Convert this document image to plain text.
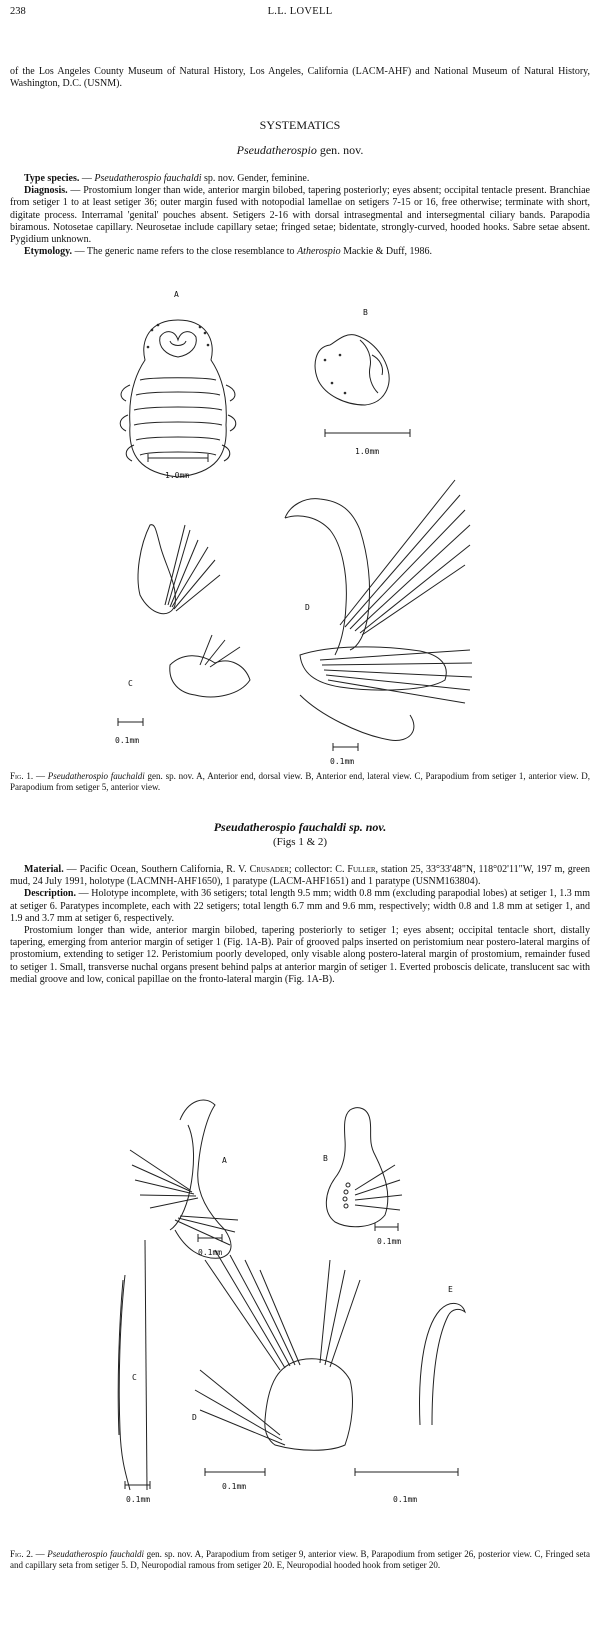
238	L.L. LOVELL
of the Los Angeles County Museum of Natural History, Los Angeles, California (LACM-AHF) and National Museum of Natural History, Washington, D.C. (USNM).
SYSTEMATICS
Pseudatherospio gen. nov.
Type species. — Pseudatherospio fauchaldi sp. nov. Gender, feminine.
Diagnosis. — Prostomium longer than wide, anterior margin bilobed, tapering posteriorly; eyes absent; occipital tentacle present. Branchiae from setiger 1 to at least setiger 36; outer margin fused with notopodial lamellae on setigers 7-15 or 16, free otherwise; terminate with short, digitate process. Interramal 'genital' pouches absent. Setigers 2-16 with dorsal intrasegmental and intersegmental ciliary bands. Parapodia biramous. Notosetae capillary. Neurosetae include capillary setae; fringed setae; bidentate, strongly-curved, hooded hooks. Sabre setae absent. Pygidium unknown.
Etymology. — The generic name refers to the close resemblance to Atherospio Mackie & Duff, 1986.
A
1.0mm
B
1.0mm
C
0.1mm
D
0.1mm
Fig. 1. — Pseudatherospio fauchaldi gen. sp. nov. A, Anterior end, dorsal view. B, Anterior end, lateral view. C, Parapodium from setiger 1, anterior view. D, Parapodium from setiger 5, anterior view.
Pseudatherospio fauchaldi sp. nov.
(Figs 1 & 2)
Material. — Pacific Ocean, Southern California, R. V. Crusader; collector: C. Fuller, station 25, 33°33'48"N, 118°02'11"W, 197 m, green mud, 24 July 1991, holotype (LACMNH-AHF1650), 1 paratype (LACM-AHF1651) and 1 paratype (USNM163804).
Description. — Holotype incomplete, with 36 setigers; total length 9.5 mm; width 0.8 mm (excluding parapodial lobes) at setiger 1, 1.3 mm at setiger 6. Paratypes incomplete, each with 22 setigers; total length 6.7 mm and 9.6 mm, respectively; width 0.8 and 1.8 mm at setiger 1, and 1.9 and 3.7 mm at setiger 6, respectively.
Prostomium longer than wide, anterior margin bilobed, tapering posteriorly to setiger 1; eyes absent; occipital tentacle short, distally tapering, emerging from anterior margin of setiger 1 (Fig. 1A-B). Pair of grooved palps inserted on peristomium near postero-lateral margins of prostomium, extending to setiger 12. Peristomium poorly developed, only visable along postero-lateral margin of prostomium, remainder fused to setiger 1. Small, transverse nuchal organs present behind palps at anterior margin of setiger 1. Everted proboscis delicate, translucent sac with medial groove and low, conical papillae on the fronto-lateral margin (Fig. 1A-B).
A
0.1mm
B
0.1mm
C
0.1mm
D
0.1mm
E
0.1mm
Fig. 2. — Pseudatherospio fauchaldi gen. sp. nov. A, Parapodium from setiger 9, anterior view. B, Parapodium from setiger 26, posterior view. C, Fringed seta and capillary seta from setiger 5. D, Neuropodial ramous from setiger 20. E, Neuropodial hooded hook from setiger 20.
